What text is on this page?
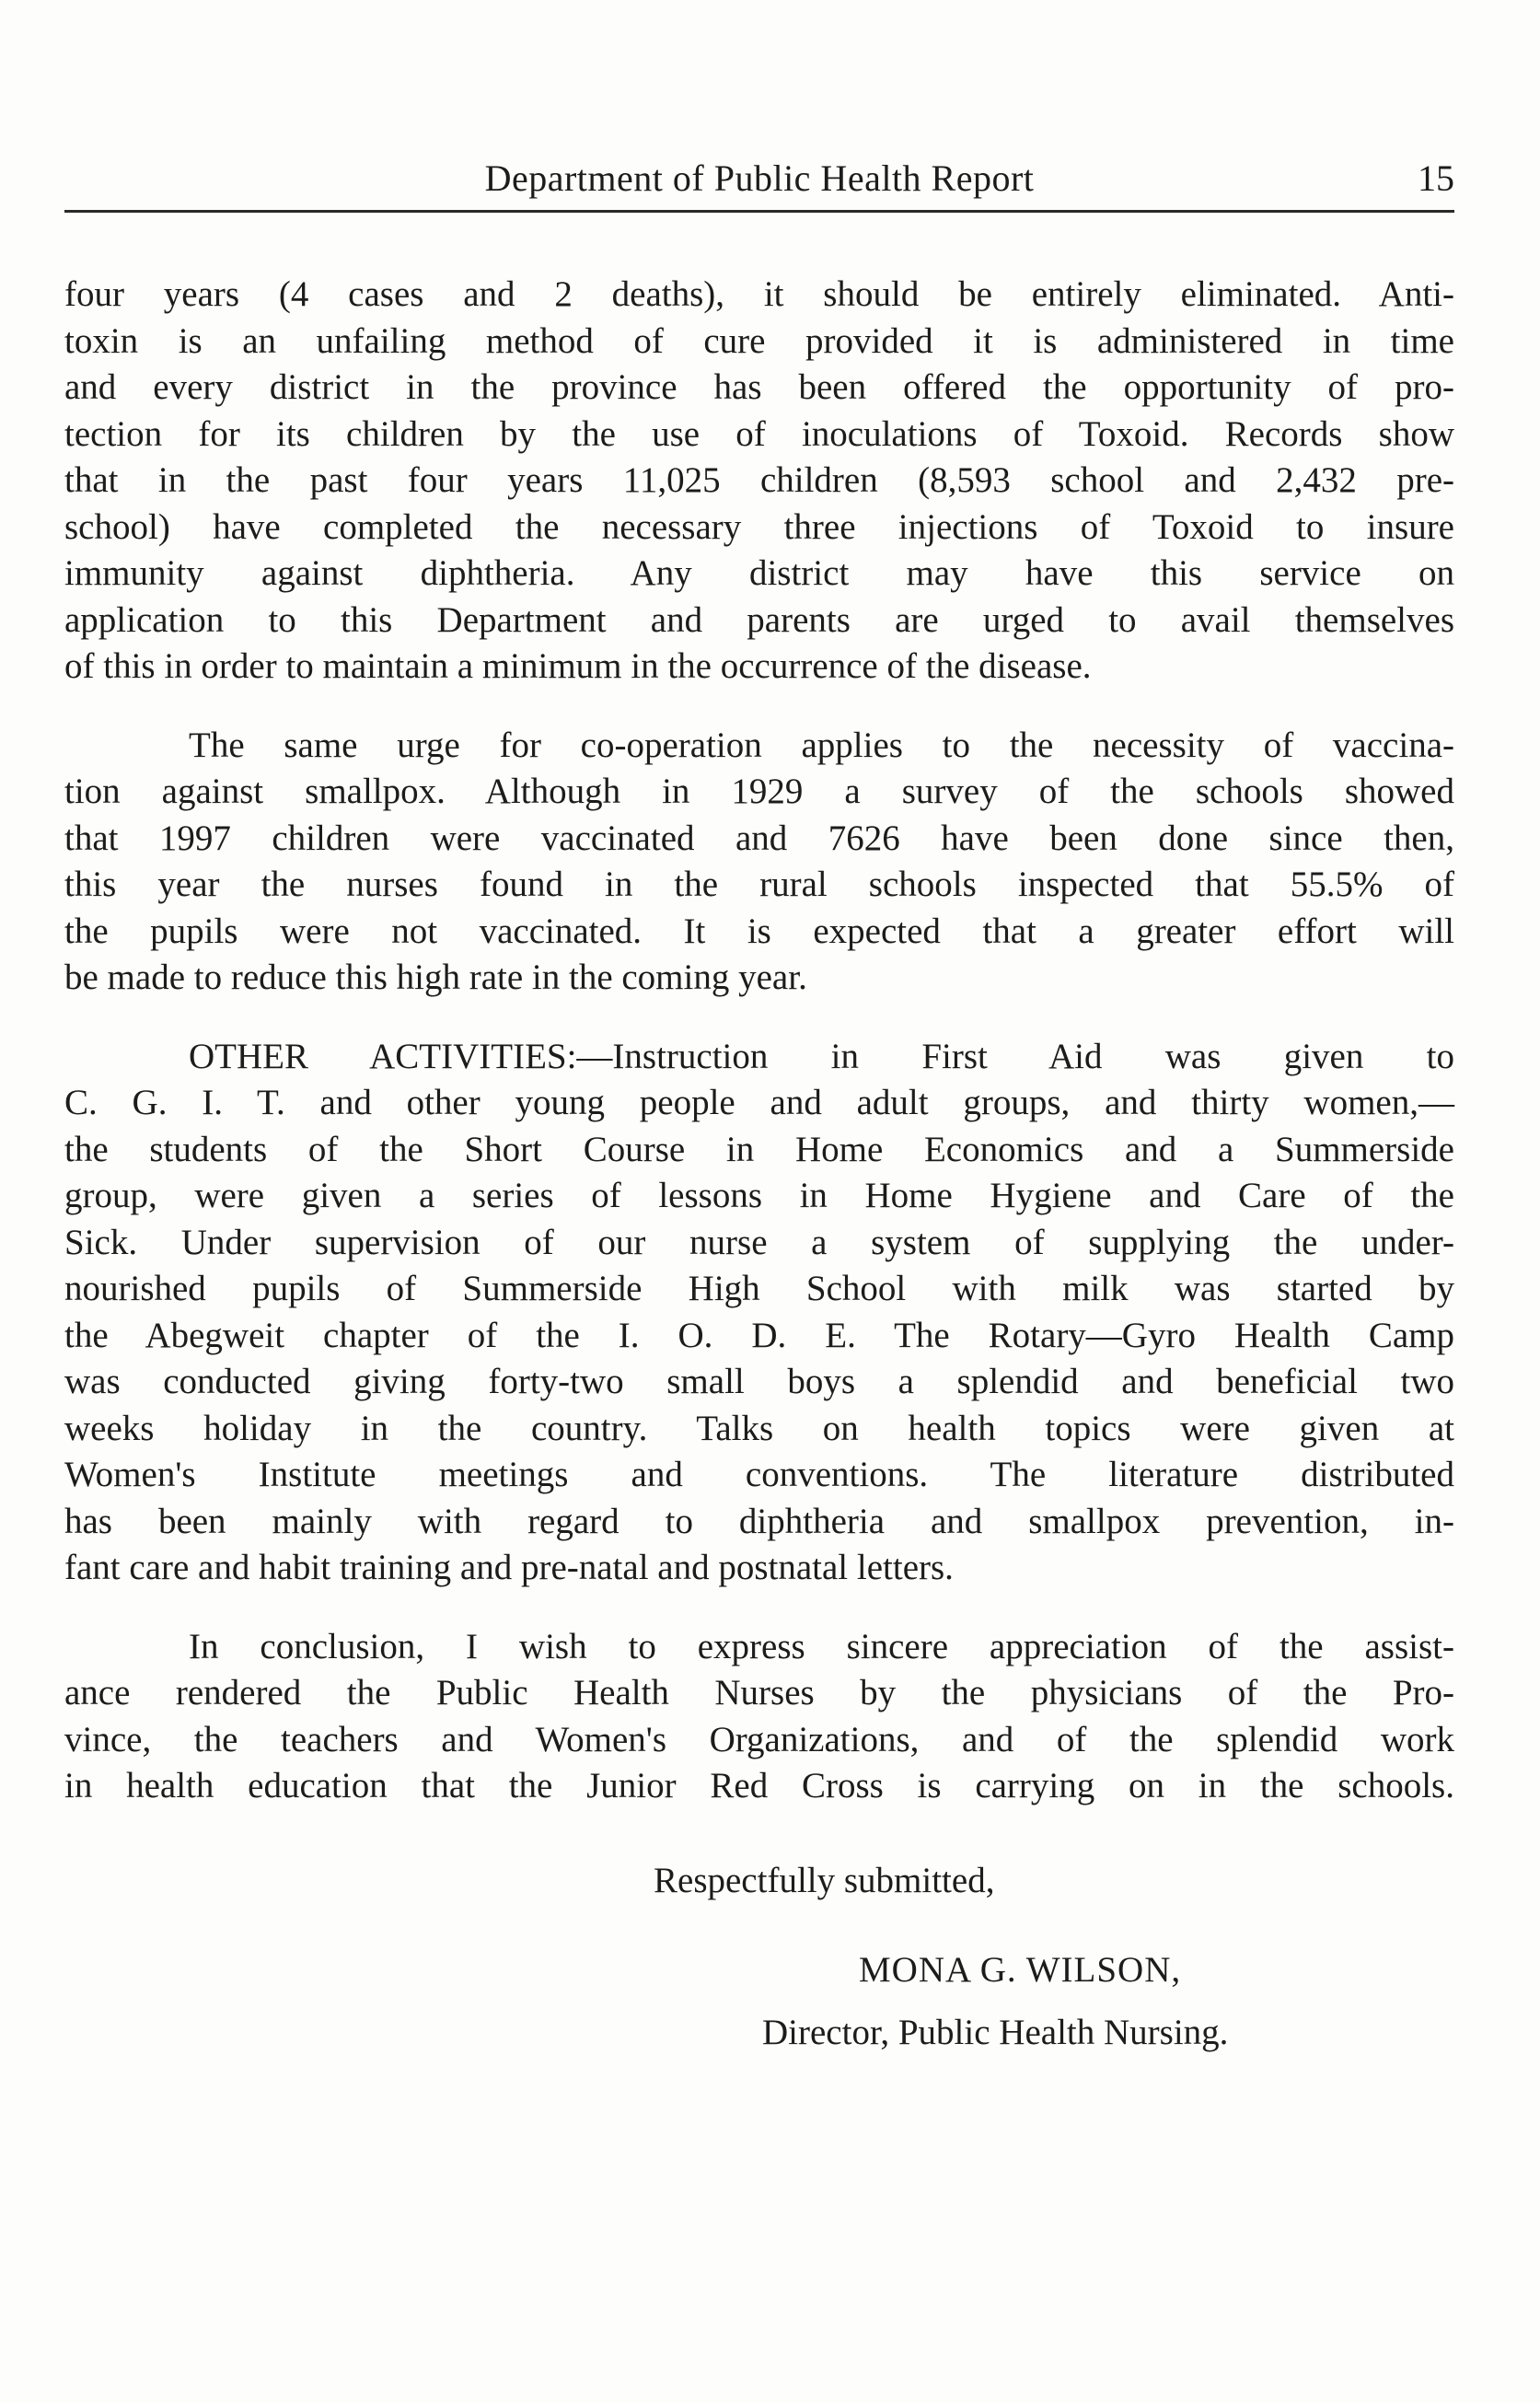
Department of Public Health Report	15

four years (4 cases and 2 deaths), it should be entirely eliminated. Anti-
toxin is an unfailing method of cure provided it is administered in time
and every district in the province has been offered the opportunity of pro-
tection for its children by the use of inoculations of Toxoid. Records show
that in the past four years 11,025 children (8,593 school and 2,432 pre-
school) have completed the necessary three injections of Toxoid to insure
immunity against diphtheria. Any district may have this service on
application to this Department and parents are urged to avail themselves
of this in order to maintain a minimum in the occurrence of the disease.

The same urge for co-operation applies to the necessity of vaccina-
tion against smallpox. Although in 1929 a survey of the schools showed
that 1997 children were vaccinated and 7626 have been done since then,
this year the nurses found in the rural schools inspected that 55.5% of
the pupils were not vaccinated. It is expected that a greater effort will
be made to reduce this high rate in the coming year.

OTHER ACTIVITIES:—Instruction in First Aid was given to
C. G. I. T. and other young people and adult groups, and thirty women,—
the students of the Short Course in Home Economics and a Summerside
group, were given a series of lessons in Home Hygiene and Care of the
Sick. Under supervision of our nurse a system of supplying the under-
nourished pupils of Summerside High School with milk was started by
the Abegweit chapter of the I. O. D. E. The Rotary—Gyro Health Camp
was conducted giving forty-two small boys a splendid and beneficial two
weeks holiday in the country. Talks on health topics were given at
Women's Institute meetings and conventions. The literature distributed
has been mainly with regard to diphtheria and smallpox prevention, in-
fant care and habit training and pre-natal and postnatal letters.

In conclusion, I wish to express sincere appreciation of the assist-
ance rendered the Public Health Nurses by the physicians of the Pro-
vince, the teachers and Women's Organizations, and of the splendid work
in health education that the Junior Red Cross is carrying on in the schools.

Respectfully submitted,
MONA G. WILSON,
Director, Public Health Nursing.
